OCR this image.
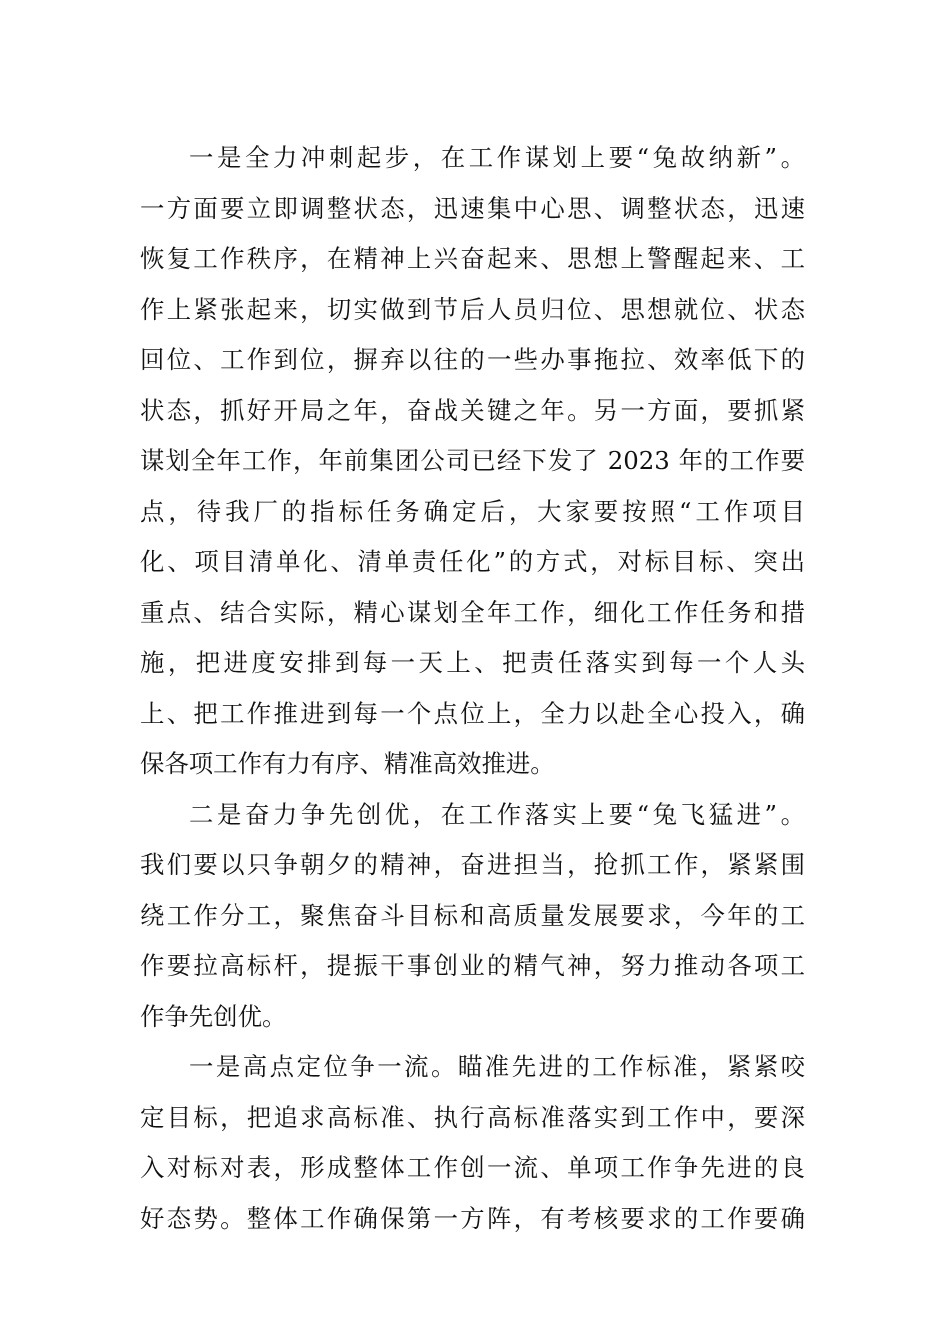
一是全力冲刺起步，在工作谋划上要“兔故纳新”。
一方面要立即调整状态，迅速集中心思、调整状态，迅速
恢复工作秩序，在精神上兴奋起来、思想上警醒起来、工
作上紧张起来，切实做到节后人员归位、思想就位、状态
回位、工作到位，摒弃以往的一些办事拖拉、效率低下的
状态，抓好开局之年，奋战关键之年。另一方面，要抓紧
谋划全年工作，年前集团公司已经下发了 2023 年的工作要
点，待我厂的指标任务确定后，大家要按照“工作项目
化、项目清单化、清单责任化”的方式，对标目标、突出
重点、结合实际，精心谋划全年工作，细化工作任务和措
施，把进度安排到每一天上、把责任落实到每一个人头
上、把工作推进到每一个点位上，全力以赴全心投入，确
保各项工作有力有序、精准高效推进。
二是奋力争先创优，在工作落实上要“兔飞猛进”。
我们要以只争朝夕的精神，奋进担当，抢抓工作，紧紧围
绕工作分工，聚焦奋斗目标和高质量发展要求，今年的工
作要拉高标杆，提振干事创业的精气神，努力推动各项工
作争先创优。
一是高点定位争一流。瞄准先进的工作标准，紧紧咬
定目标，把追求高标准、执行高标准落实到工作中，要深
入对标对表，形成整体工作创一流、单项工作争先进的良
好态势。整体工作确保第一方阵，有考核要求的工作要确
